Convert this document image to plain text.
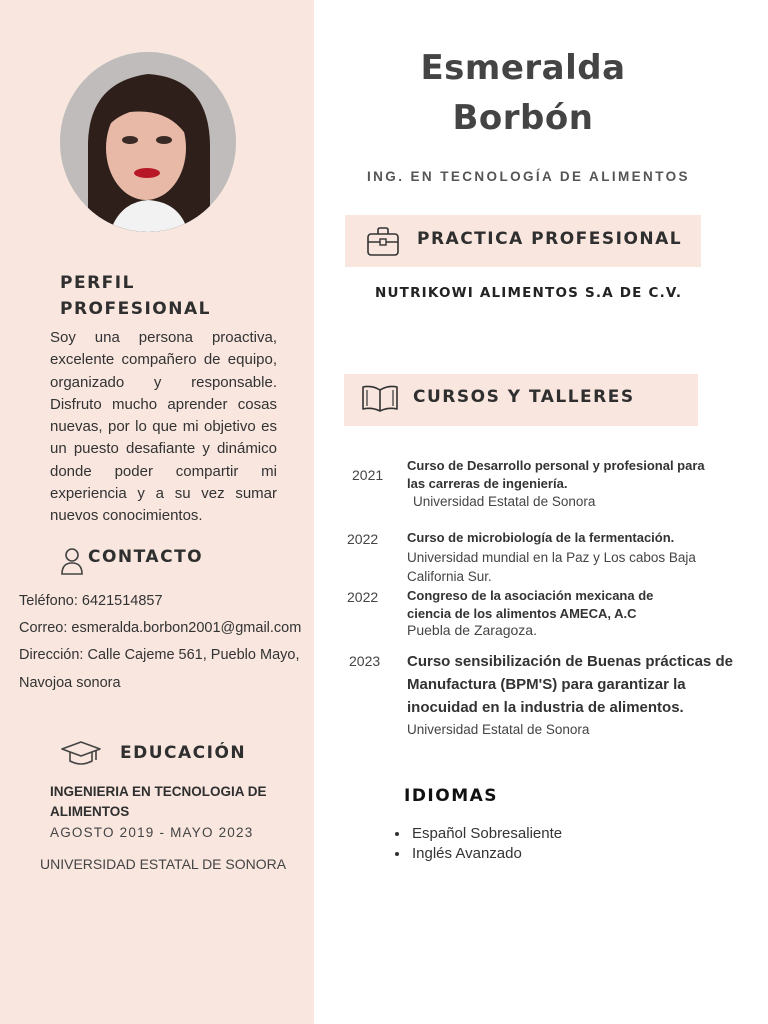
PERFIL
PROFESIONAL
Soy una persona proactiva, excelente compañero de equipo, organizado y responsable. Disfruto mucho aprender cosas nuevas, por lo que mi objetivo es un puesto desafiante y dinámico donde poder compartir mi experiencia y a su vez sumar nuevos conocimientos.
CONTACTO
Teléfono: 6421514857
Correo: esmeralda.borbon2001@gmail.com
Dirección: Calle Cajeme 561, Pueblo Mayo,
Navojoa sonora
EDUCACIÓN
INGENIERIA EN TECNOLOGIA DE ALIMENTOS
AGOSTO 2019 - MAYO 2023
UNIVERSIDAD ESTATAL DE SONORA
Esmeralda
Borbón
ING. EN TECNOLOGÍA DE ALIMENTOS
PRACTICA PROFESIONAL
NUTRIKOWI ALIMENTOS S.A DE C.V.
CURSOS Y TALLERES
2021
Curso de Desarrollo personal y profesional para las carreras de ingeniería.
Universidad Estatal de Sonora
2022 Curso de microbiología de la fermentación.
Universidad mundial en la Paz y Los cabos Baja California Sur.
2022 Congreso de la asociación mexicana de ciencia de los alimentos AMECA, A.C
Puebla de Zaragoza.
2023 Curso sensibilización de Buenas prácticas de Manufactura (BPM'S) para garantizar la inocuidad en la industria de alimentos.
Universidad Estatal de Sonora
IDIOMAS
• Español Sobresaliente
• Inglés Avanzado
